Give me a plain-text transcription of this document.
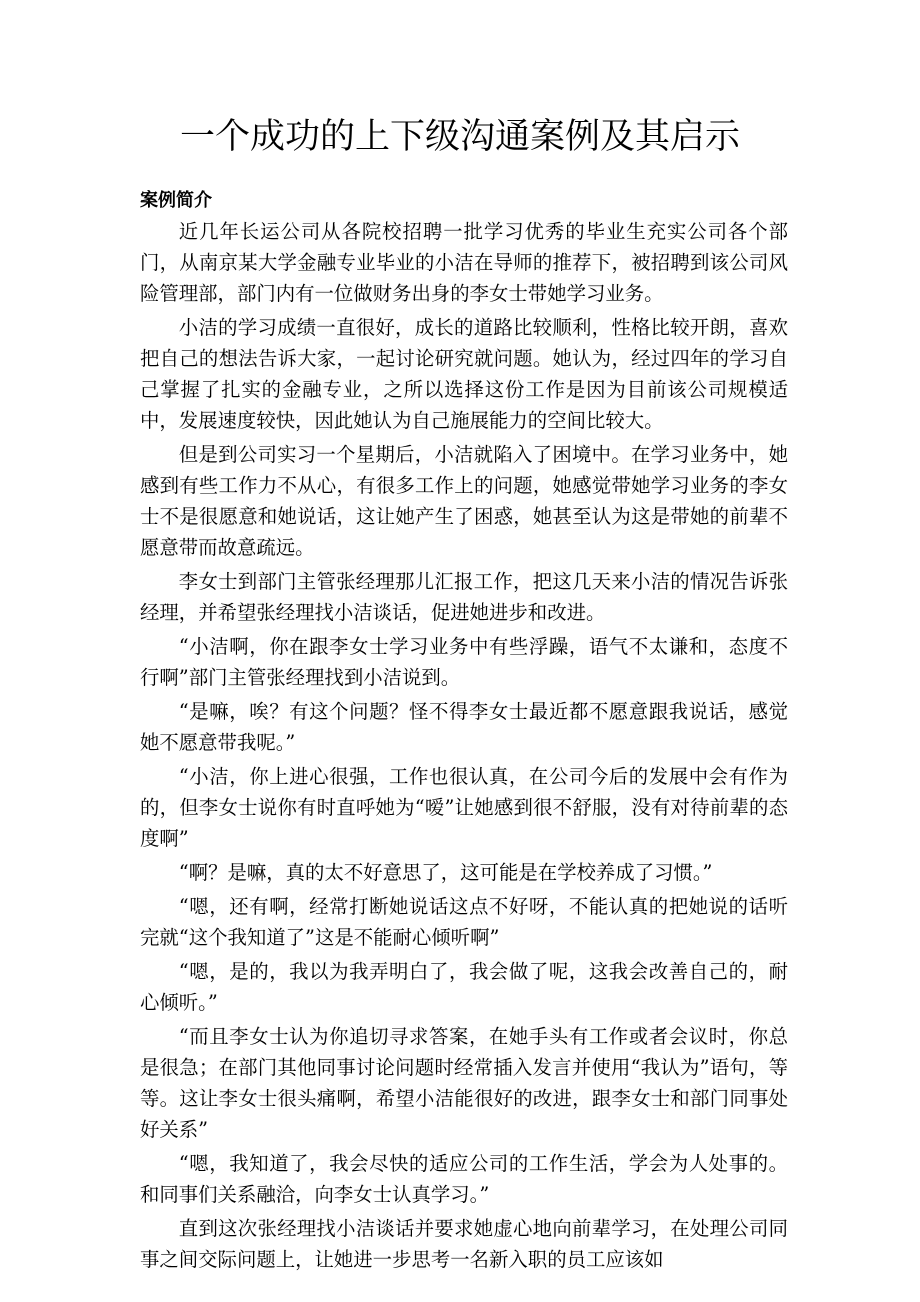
一个成功的上下级沟通案例及其启示
案例简介

近几年长运公司从各院校招聘一批学习优秀的毕业生充实公司各个部门，从南京某大学金融专业毕业的小洁在导师的推荐下，被招聘到该公司风险管理部，部门内有一位做财务出身的李女士带她学习业务。

小洁的学习成绩一直很好，成长的道路比较顺利，性格比较开朗，喜欢把自己的想法告诉大家，一起讨论研究就问题。她认为，经过四年的学习自己掌握了扎实的金融专业，之所以选择这份工作是因为目前该公司规模适中，发展速度较快，因此她认为自己施展能力的空间比较大。

但是到公司实习一个星期后，小洁就陷入了困境中。在学习业务中，她感到有些工作力不从心，有很多工作上的问题，她感觉带她学习业务的李女士不是很愿意和她说话，这让她产生了困惑，她甚至认为这是带她的前辈不愿意带而故意疏远。

李女士到部门主管张经理那儿汇报工作，把这几天来小洁的情况告诉张经理，并希望张经理找小洁谈话，促进她进步和改进。

“小洁啊，你在跟李女士学习业务中有些浮躁，语气不太谦和，态度不行啊”部门主管张经理找到小洁说到。

“是嘛，唉？有这个问题？怪不得李女士最近都不愿意跟我说话，感觉她不愿意带我呢。”

“小洁，你上进心很强，工作也很认真，在公司今后的发展中会有作为的，但李女士说你有时直呼她为“嗳”让她感到很不舒服，没有对待前辈的态度啊”

“啊？是嘛，真的太不好意思了，这可能是在学校养成了习惯。”

“嗯，还有啊，经常打断她说话这点不好呀，不能认真的把她说的话听完就“这个我知道了”这是不能耐心倾听啊”

“嗯，是的，我以为我弄明白了，我会做了呢，这我会改善自己的，耐心倾听。”

“而且李女士认为你追切寻求答案，在她手头有工作或者会议时，你总是很急；在部门其他同事讨论问题时经常插入发言并使用“我认为”语句，等等。这让李女士很头痛啊，希望小洁能很好的改进，跟李女士和部门同事处好关系”

“嗯，我知道了，我会尽快的适应公司的工作生活，学会为人处事的。和同事们关系融洽，向李女士认真学习。”

直到这次张经理找小洁谈话并要求她虚心地向前辈学习，在处理公司同事之间交际问题上，让她进一步思考一名新入职的员工应该如
